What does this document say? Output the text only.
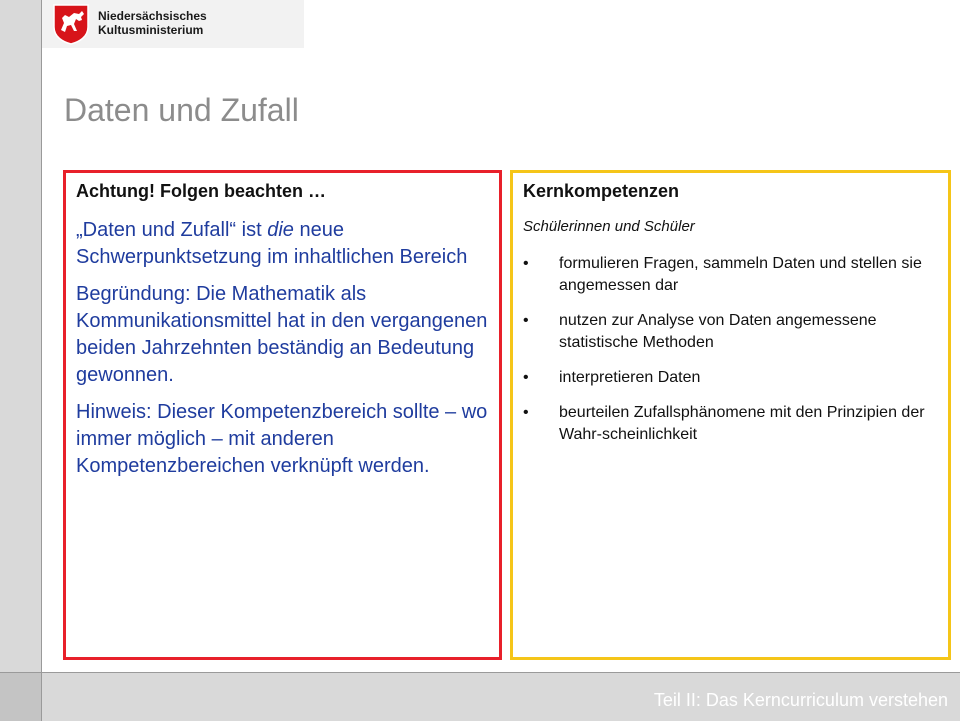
Niedersächsisches
Kultusministerium
Daten und Zufall
Achtung! Folgen beachten …

„Daten und Zufall“ ist die neue Schwerpunktsetzung im inhaltlichen Bereich

Begründung: Die Mathematik als Kommunikationsmittel hat in den vergangenen beiden Jahrzehnten beständig an Bedeutung gewonnen.

Hinweis: Dieser Kompetenzbereich sollte – wo immer möglich – mit anderen Kompetenzbereichen verknüpft werden.

Kernkompetenzen
Schülerinnen und Schüler
• formulieren Fragen, sammeln Daten und stellen sie angemessen dar
• nutzen zur Analyse von Daten angemessene statistische Methoden
• interpretieren Daten
• beurteilen Zufallsphänomene mit den Prinzipien der Wahr-scheinlichkeit
Teil II: Das Kerncurriculum verstehen
